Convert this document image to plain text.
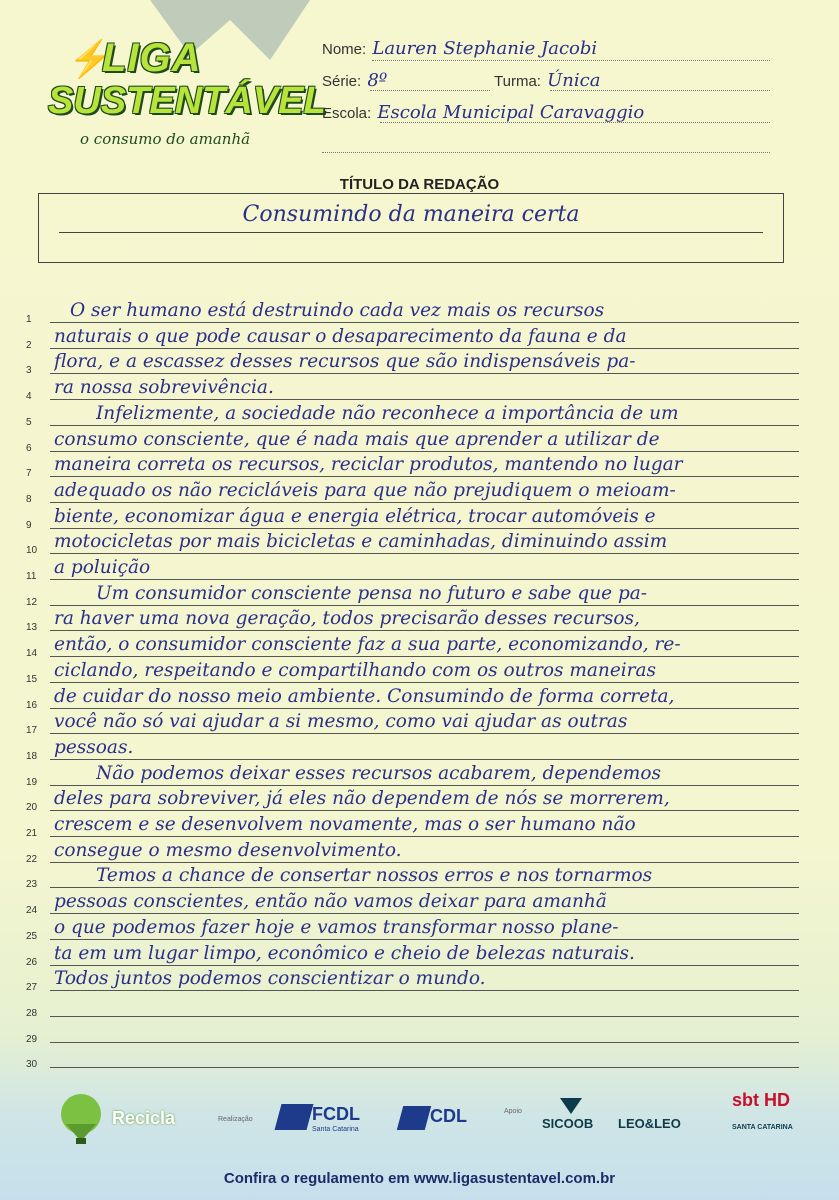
⚡
LIGA
SUSTENTÁVEL
o consumo do amanhã
Nome: Lauren Stephanie Jacobi
Série: 8º	Turma: Única
Escola: Escola Municipal Caravaggio
TÍTULO DA REDAÇÃO
Consumindo da maneira certa
1	O ser humano está destruindo cada vez mais os recursos
2	naturais o que pode causar o desaparecimento da fauna e da
3	flora, e a escassez desses recursos que são indispensáveis pa-
4	ra nossa sobrevivência.
5	Infelizmente, a sociedade não reconhece a importância de um
6	consumo consciente, que é nada mais que aprender a utilizar de
7	maneira correta os recursos, reciclar produtos, mantendo no lugar
8	adequado os não recicláveis para que não prejudiquem o meioam-
9	biente, economizar água e energia elétrica, trocar automóveis e
10 motocicletas por mais bicicletas e caminhadas, diminuindo assim
11 a poluição
12	Um consumidor consciente pensa no futuro e sabe que pa-
13 ra haver uma nova geração, todos precisarão desses recursos,
14 então, o consumidor consciente faz a sua parte, economizando, re-
15 ciclando, respeitando e compartilhando com os outros maneiras
16 de cuidar do nosso meio ambiente. Consumindo de forma correta,
17 você não só vai ajudar a si mesmo, como vai ajudar as outras
18 pessoas.
19	Não podemos deixar esses recursos acabarem, dependemos
20 deles para sobreviver, já eles não dependem de nós se morrerem,
21 crescem e se desenvolvem novamente, mas o ser humano não
22 consegue o mesmo desenvolvimento.
23	Temos a chance de consertar nossos erros e nos tornarmos
24 pessoas conscientes, então não vamos deixar para amanhã
25 o que podemos fazer hoje e vamos transformar nosso plane-
26 ta em um lugar limpo, econômico e cheio de belezas naturais.
27 Todos juntos podemos conscientizar o mundo.
28
29
30
Recicla	Realização	FCDL
Santa Catarina
CDL	Apoio
SICOOB LEO&LEO
sbt HD
SANTA CATARINA
Confira o regulamento em www.ligasustentavel.com.br
